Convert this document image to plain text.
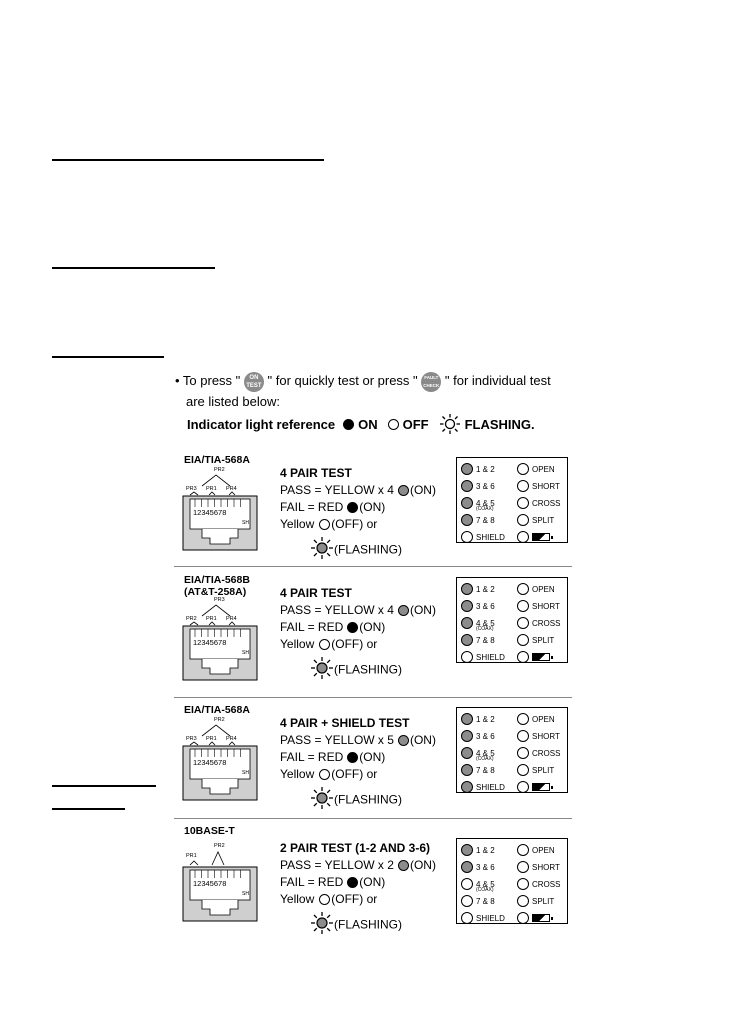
• To press " ON TEST " for quickly test or press " FAULT CHECK TONE " for individual test
are listed below:
Indicator light reference ON OFF	FLASHING.
EIA/TIA-568A
PR2
PR3 PR1 PR4
12345678
SH
4 PAIR TEST
PASS = YELLOW x 4 (ON)
FAIL = RED (ON)
Yellow (OFF) or
(FLASHING)
1 & 2
3 & 6
4 & 5
(COAX)
7 & 8
SHIELD
OPEN
SHORT
CROSS
SPLIT
EIA/TIA-568B
(AT&T-258A)
PR3
PR2 PR1 PR4
12345678
SH
4 PAIR TEST
PASS = YELLOW x 4 (ON)
FAIL = RED (ON)
Yellow (OFF) or
(FLASHING)
1 & 2
3 & 6
4 & 5
(COAX)
7 & 8
SHIELD
OPEN
SHORT
CROSS
SPLIT
EIA/TIA-568A
PR2
PR3 PR1 PR4
12345678
SH
4 PAIR + SHIELD TEST
PASS = YELLOW x 5 (ON)
FAIL = RED (ON)
Yellow (OFF) or
(FLASHING)
1 & 2
3 & 6
4 & 5
(COAX)
7 & 8
SHIELD
OPEN
SHORT
CROSS
SPLIT
10BASE-T
PR2
PR1
12345678
SH
2 PAIR TEST (1-2 AND 3-6)
PASS = YELLOW x 2 (ON)
FAIL = RED (ON)
Yellow (OFF) or
(FLASHING)
1 & 2
3 & 6
4 & 5
(COAX)
7 & 8
SHIELD
OPEN
SHORT
CROSS
SPLIT
